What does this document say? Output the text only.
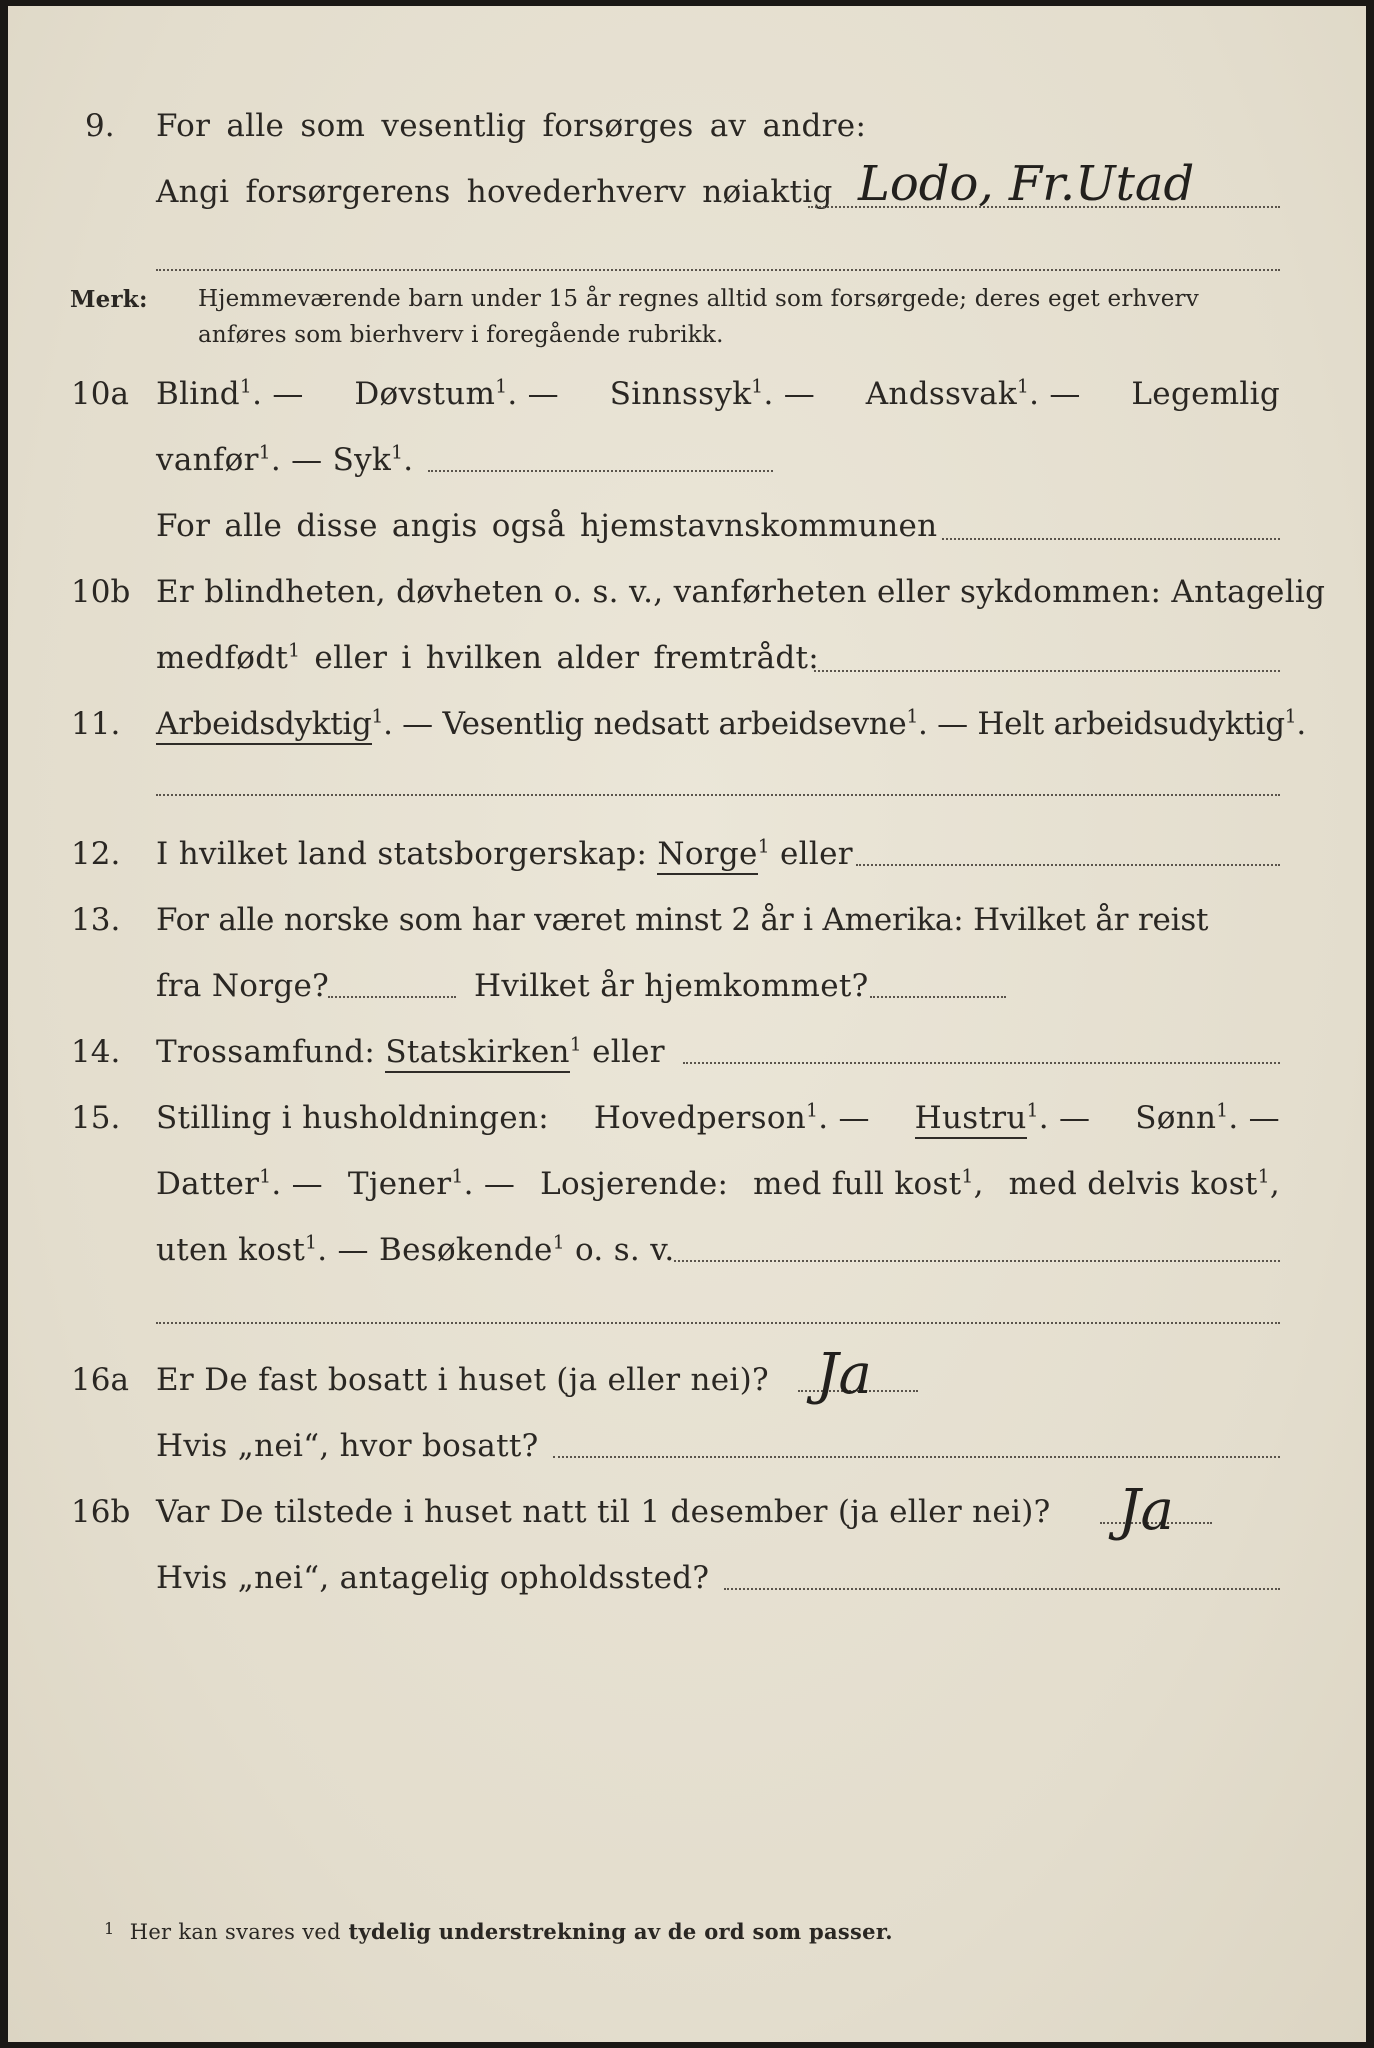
9. For alle som vesentlig forsørges av andre:
Angi forsørgerens hovederhverv nøiaktig Lodo, Fr.Utad
Merk: Hjemmeværende barn under 15 år regnes alltid som forsørgede; deres eget erhverv
anføres som bierhverv i foregående rubrikk.
10a Blind$^1$. — Døvstum$^1$. — Sinnssyk$^1$. — Andssvak$^1$. — Legemlig
vanfør$^1$. — Syk$^1$.
For alle disse angis også hjemstavnskommunen
10b Er blindheten, døvheten o. s. v., vanførheten eller sykdommen: Antagelig
medfødt$^1$ eller i hvilken alder fremtrådt:
11. Arbeidsdyktig$^1$. — Vesentlig nedsatt arbeidsevne$^1$. — Helt arbeidsudyktig$^1$.
12. I hvilket land statsborgerskap: Norge$^1$ eller
13. For alle norske som har været minst 2 år i Amerika: Hvilket år reist
fra Norge?	Hvilket år hjemkommet?
14. Trossamfund: Statskirken$^1$ eller
15. Stilling i husholdningen: Hovedperson$^1$. — Hustru$^1$. — Sønn$^1$. —
Datter$^1$. — Tjener$^1$. — Losjerende: med full kost$^1$, med delvis kost$^1$,
uten kost$^1$. — Besøkende$^1$ o. s. v.
16a Er De fast bosatt i huset (ja eller nei)? Ja
Hvis „nei“, hvor bosatt?
16b Var De tilstede i huset natt til 1 desember (ja eller nei)? Ja
Hvis „nei“, antagelig opholdssted?
$^1$ Her kan svares ved tydelig understrekning av de ord som passer.
